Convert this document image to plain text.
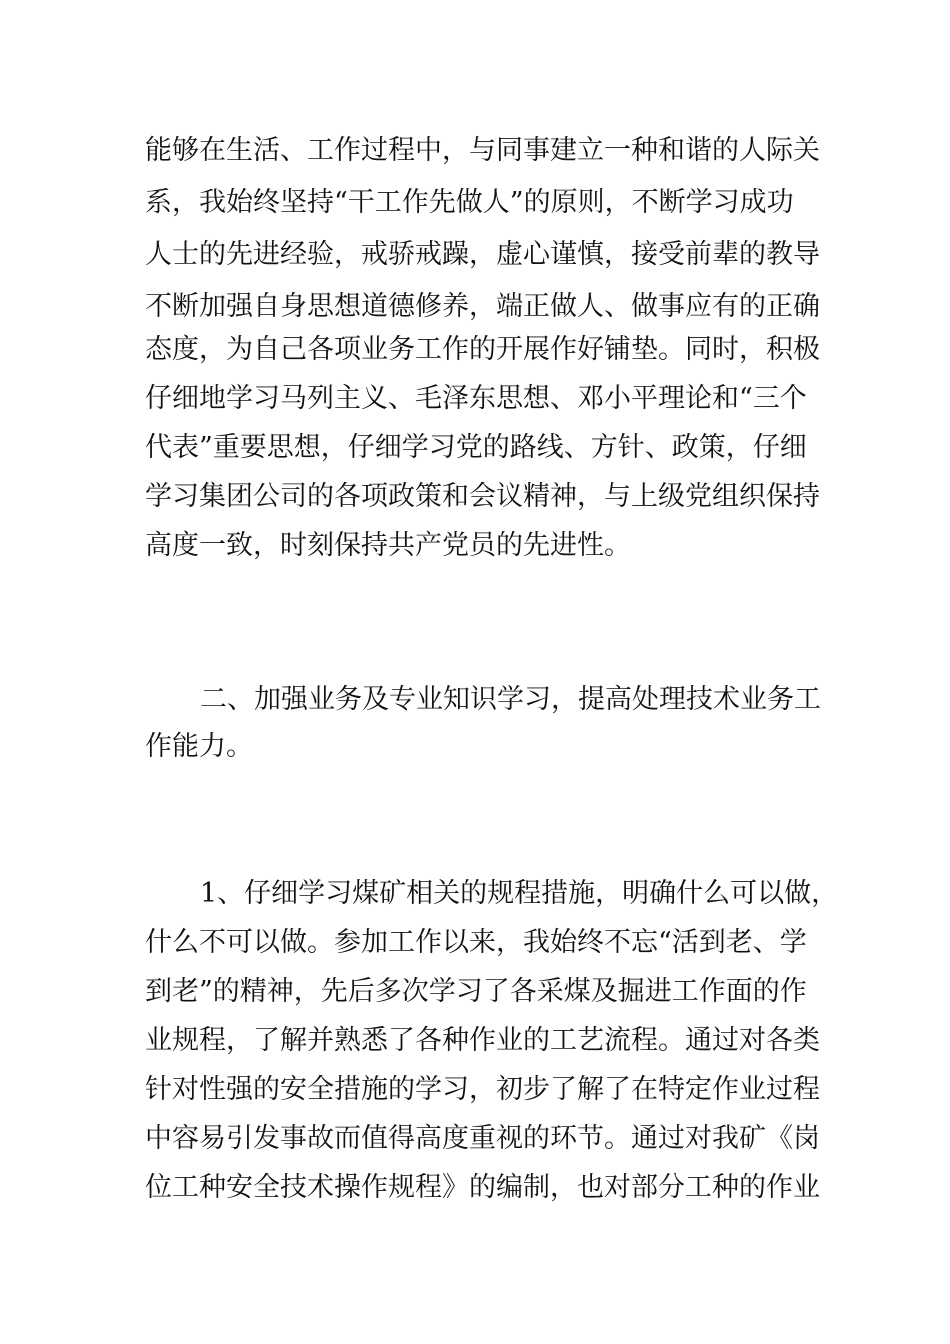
能够在生活、工作过程中，与同事建立一种和谐的人际关
系，我始终坚持“干工作先做人”的原则，不断学习成功
人士的先进经验，戒骄戒躁，虚心谨慎，接受前辈的教导
不断加强自身思想道德修养，端正做人、做事应有的正确
态度，为自己各项业务工作的开展作好铺垫。同时，积极
仔细地学习马列主义、毛泽东思想、邓小平理论和“三个
代表”重要思想，仔细学习党的路线、方针、政策，仔细
学习集团公司的各项政策和会议精神，与上级党组织保持
高度一致，时刻保持共产党员的先进性。
二、加强业务及专业知识学习，提高处理技术业务工
作能力。
1、仔细学习煤矿相关的规程措施，明确什么可以做，
什么不可以做。参加工作以来，我始终不忘“活到老、学
到老”的精神，先后多次学习了各采煤及掘进工作面的作
业规程，了解并熟悉了各种作业的工艺流程。通过对各类
针对性强的安全措施的学习，初步了解了在特定作业过程
中容易引发事故而值得高度重视的环节。通过对我矿《岗
位工种安全技术操作规程》的编制，也对部分工种的作业
